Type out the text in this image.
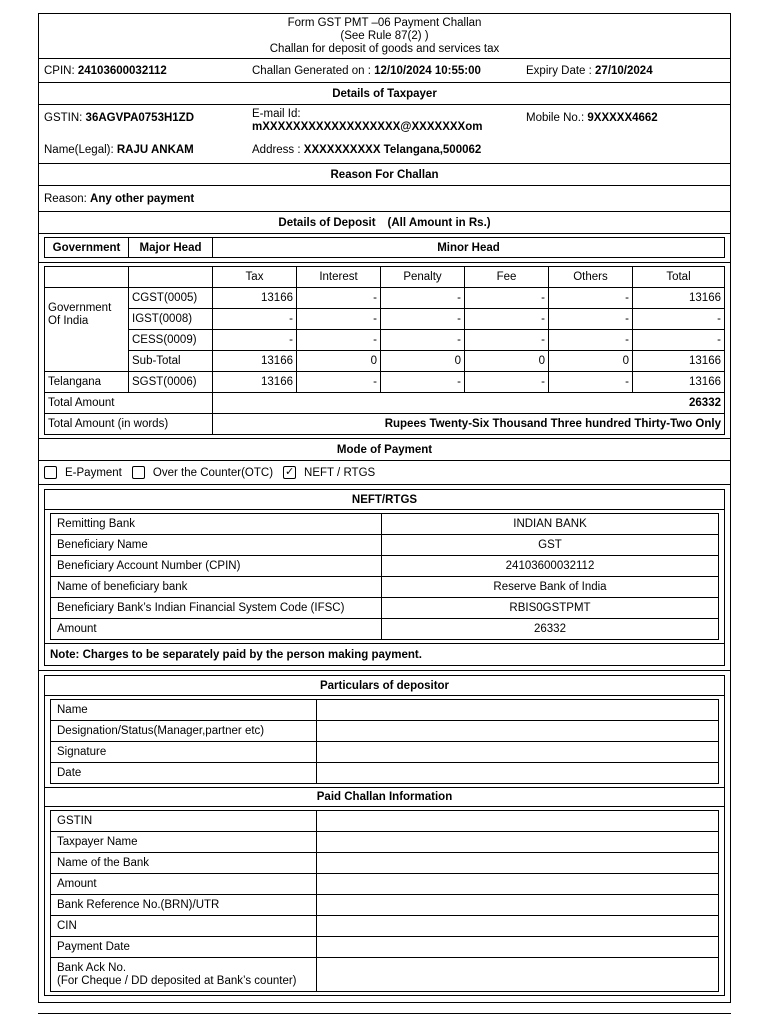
Form GST PMT –06 Payment Challan
(See Rule 87(2) )
Challan for deposit of goods and services tax
CPIN: 24103600032112	Challan Generated on : 12/10/2024 10:55:00	Expiry Date : 27/10/2024
Details of Taxpayer
GSTIN: 36AGVPA0753H1ZD	E-mail Id:
mXXXXXXXXXXXXXXXXXX@XXXXXXXom
Mobile No.: 9XXXXX4662
Name(Legal): RAJU ANKAM	Address : XXXXXXXXXX Telangana,500062
Reason For Challan
Reason:
Any other payment
Details of Deposit (All Amount in Rs.)
Government	Major Head	Minor Head
		Tax	Interest	Penalty	Fee	Others	Total
Government Of India	CGST(0005)	13166	-	-	-	-	13166
	IGST(0008)	-	-	-	-	-	-
	CESS(0009)	-	-	-	-	-	-
	Sub-Total	13166	0	0	0	0	13166
Telangana	SGST(0006)	13166	-	-	-	-	13166
Total Amount		26332					
Total Amount (in words)		Rupees Twenty-Six Thousand Three hundred Thirty-Two Only					
Mode of Payment
E-Payment	Over the Counter(OTC) ✓	NEFT / RTGS
NEFT/RTGS
Remitting Bank	INDIAN BANK
Beneficiary Name	GST
Beneficiary Account Number (CPIN)	24103600032112
Name of beneficiary bank	Reserve Bank of India
Beneficiary Bank’s Indian Financial System Code (IFSC)	RBIS0GSTPMT
Amount	26332
Note: Charges to be separately paid by the person making payment.
Particulars of depositor
Name	
Designation/Status(Manager,partner etc)	
Signature	
Date	
Paid Challan Information
GSTIN	
Taxpayer Name	
Name of the Bank	
Amount	
Bank Reference No.(BRN)/UTR	
CIN	
Payment Date	

Bank Ack No.
(For Cheque / DD deposited at Bank’s counter)	
